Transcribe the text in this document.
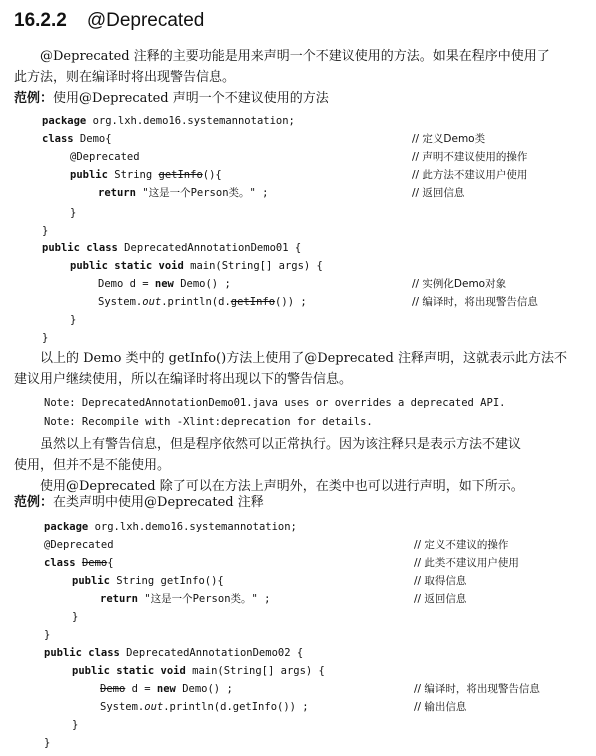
16.2.2 @Deprecated
@Deprecated 注释的主要功能是用来声明一个不建议使用的方法。如果在程序中使用了
此方法，则在编译时将出现警告信息。
范例：使用@Deprecated 声明一个不建议使用的方法
package org.lxh.demo16.systemannotation;
class Demo{
@Deprecated
public String getInfo(){
return "这是一个Person类。" ;
}
}
public class DeprecatedAnnotationDemo01 {
public static void main(String[] args) {
Demo d = new Demo() ;
System.out.println(d.getInfo()) ;
}
}
// 定义Demo类
// 声明不建议使用的操作
// 此方法不建议用户使用
// 返回信息
// 实例化Demo对象
// 编译时，将出现警告信息
以上的 Demo 类中的 getInfo()方法上使用了@Deprecated 注释声明，这就表示此方法不
建议用户继续使用，所以在编译时将出现以下的警告信息。
Note: DeprecatedAnnotationDemo01.java uses or overrides a deprecated API.
Note: Recompile with -Xlint:deprecation for details.
虽然以上有警告信息，但是程序依然可以正常执行。因为该注释只是表示方法不建议
使用，但并不是不能使用。
使用@Deprecated 除了可以在方法上声明外，在类中也可以进行声明，如下所示。
范例：在类声明中使用@Deprecated 注释
package org.lxh.demo16.systemannotation;
@Deprecated
class Demo{
public String getInfo(){
return "这是一个Person类。" ;
}
}
public class DeprecatedAnnotationDemo02 {
public static void main(String[] args) {
Demo d = new Demo() ;
System.out.println(d.getInfo()) ;
}
}
// 定义不建议的操作
// 此类不建议用户使用
// 取得信息
// 返回信息
// 编译时，将出现警告信息
// 输出信息
